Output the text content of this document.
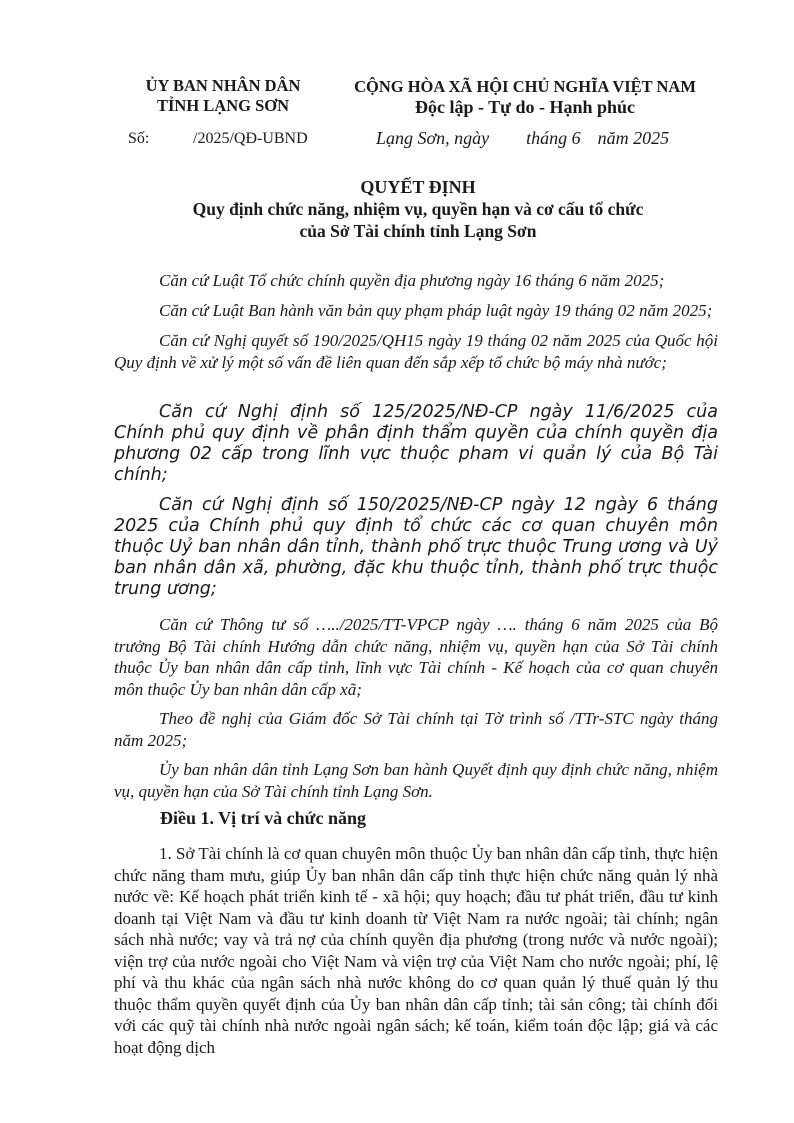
ỦY BAN NHÂN DÂN
TỈNH LẠNG SƠN
CỘNG HÒA XÃ HỘI CHỦ NGHĨA VIỆT NAM
Độc lập - Tự do - Hạnh phúc
Số:	/2025/QĐ-UBND	Lạng Sơn, ngày tháng 6 năm 2025
QUYẾT ĐỊNH
Quy định chức năng, nhiệm vụ, quyền hạn và cơ cấu tổ chức
của Sở Tài chính tỉnh Lạng Sơn

Căn cứ Luật Tổ chức chính quyền địa phương ngày 16 tháng 6 năm 2025;

Căn cứ Luật Ban hành văn bản quy phạm pháp luật ngày 19 tháng 02 năm 2025;

Căn cứ Nghị quyết số 190/2025/QH15 ngày 19 tháng 02 năm 2025 của Quốc hội Quy định về xử lý một số vấn đề liên quan đến sắp xếp tổ chức bộ máy nhà nước;

Căn cứ Nghị định số 125/2025/NĐ-CP ngày 11/6/2025 của Chính phủ quy định về phân định thẩm quyền của chính quyền địa phương 02 cấp trong lĩnh vực thuộc pham vi quản lý của Bộ Tài chính;

Căn cứ Nghị định số 150/2025/NĐ-CP ngày 12 ngày 6 tháng 2025 của Chính phủ quy định tổ chức các cơ quan chuyên môn thuộc Uỷ ban nhân dân tỉnh, thành phố trực thuộc Trung ương và Uỷ ban nhân dân xã, phường, đặc khu thuộc tỉnh, thành phố trực thuộc trung ương;

Căn cứ Thông tư số …../2025/TT-VPCP ngày …. tháng 6 năm 2025 của Bộ trưởng Bộ Tài chính Hướng dẫn chức năng, nhiệm vụ, quyền hạn của Sở Tài chính thuộc Ủy ban nhân dân cấp tỉnh, lĩnh vực Tài chính - Kế hoạch của cơ quan chuyên môn thuộc Ủy ban nhân dân cấp xã;

Theo đề nghị của Giám đốc Sở Tài chính tại Tờ trình số /TTr-STC ngày tháng năm 2025;

Ủy ban nhân dân tỉnh Lạng Sơn ban hành Quyết định quy định chức năng, nhiệm vụ, quyền hạn của Sở Tài chính tỉnh Lạng Sơn.

Điều 1. Vị trí và chức năng

1. Sở Tài chính là cơ quan chuyên môn thuộc Ủy ban nhân dân cấp tỉnh, thực hiện chức năng tham mưu, giúp Ủy ban nhân dân cấp tỉnh thực hiện chức năng quản lý nhà nước về: Kế hoạch phát triển kinh tế - xã hội; quy hoạch; đầu tư phát triển, đầu tư kinh doanh tại Việt Nam và đầu tư kinh doanh từ Việt Nam ra nước ngoài; tài chính; ngân sách nhà nước; vay và trả nợ của chính quyền địa phương (trong nước và nước ngoài); viện trợ của nước ngoài cho Việt Nam và viện trợ của Việt Nam cho nước ngoài; phí, lệ phí và thu khác của ngân sách nhà nước không do cơ quan quản lý thuế quản lý thu thuộc thẩm quyền quyết định của Ủy ban nhân dân cấp tỉnh; tài sản công; tài chính đối với các quỹ tài chính nhà nước ngoài ngân sách; kế toán, kiểm toán độc lập; giá và các hoạt động dịch
